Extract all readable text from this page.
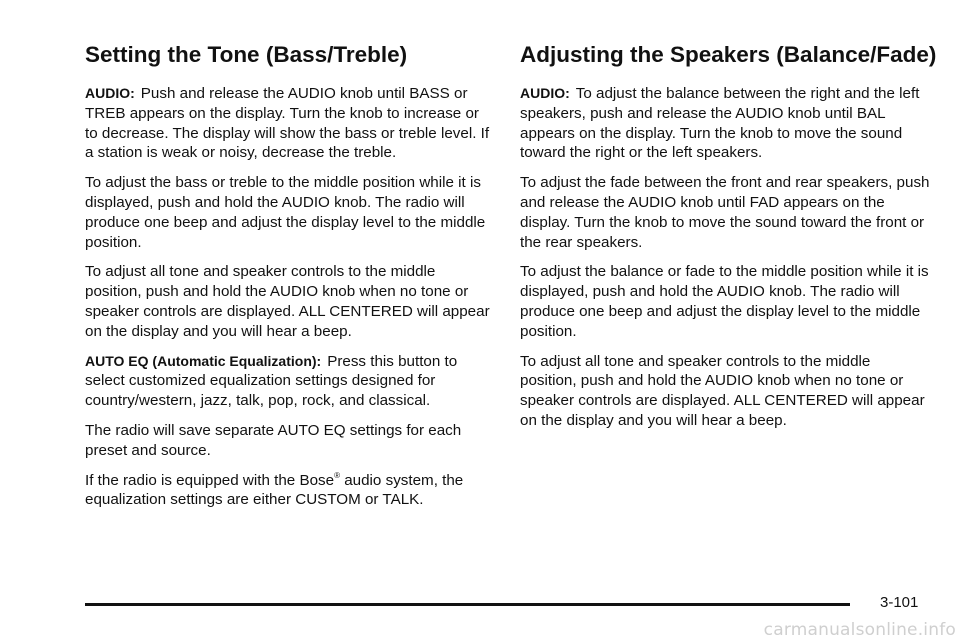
Setting the Tone (Bass/Treble)

AUDIO: Push and release the AUDIO knob until BASS or TREB appears on the display. Turn the knob to increase or to decrease. The display will show the bass or treble level. If a station is weak or noisy, decrease the treble.

To adjust the bass or treble to the middle position while it is displayed, push and hold the AUDIO knob. The radio will produce one beep and adjust the display level to the middle position.

To adjust all tone and speaker controls to the middle position, push and hold the AUDIO knob when no tone or speaker controls are displayed. ALL CENTERED will appear on the display and you will hear a beep.

AUTO EQ (Automatic Equalization): Press this button to select customized equalization settings designed for country/western, jazz, talk, pop, rock, and classical.

The radio will save separate AUTO EQ settings for each preset and source.

If the radio is equipped with the Bose® audio system, the equalization settings are either CUSTOM or TALK.

Adjusting the Speakers (Balance/Fade)

AUDIO: To adjust the balance between the right and the left speakers, push and release the AUDIO knob until BAL appears on the display. Turn the knob to move the sound toward the right or the left speakers.

To adjust the fade between the front and rear speakers, push and release the AUDIO knob until FAD appears on the display. Turn the knob to move the sound toward the front or the rear speakers.

To adjust the balance or fade to the middle position while it is displayed, push and hold the AUDIO knob. The radio will produce one beep and adjust the display level to the middle position.

To adjust all tone and speaker controls to the middle position, push and hold the AUDIO knob when no tone or speaker controls are displayed. ALL CENTERED will appear on the display and you will hear a beep.

3-101
carmanualsonline.info
